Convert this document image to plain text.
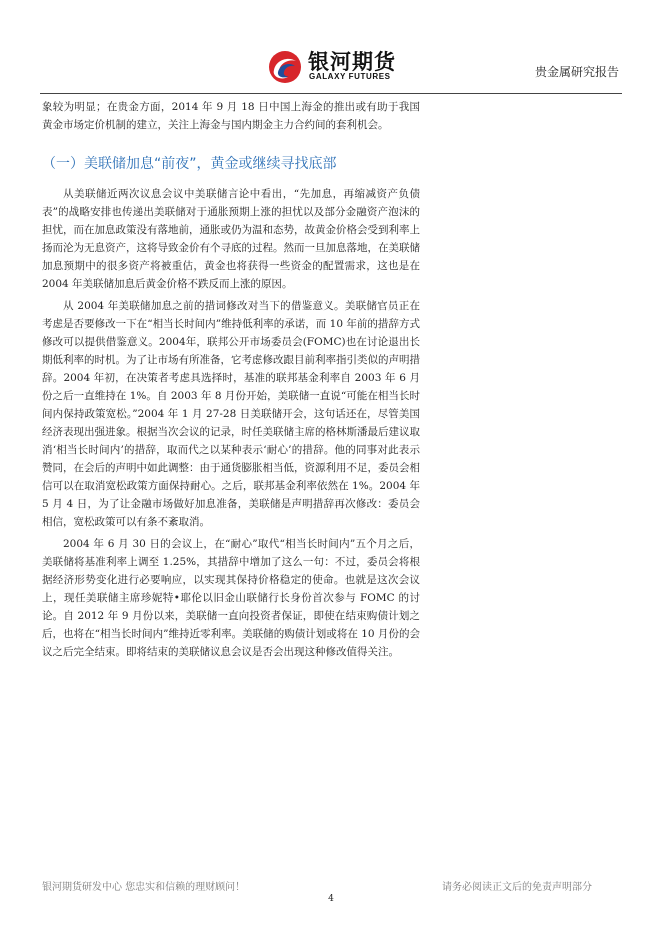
银河期货
GALAXY FUTURES	贵金属研究报告

象较为明显；在贵金方面，2014 年 9 月 18 日中国上海金的推出或有助于我国黄金市场定价机制的建立，关注上海金与国内期金主力合约间的套利机会。

（一）美联储加息“前夜”，黄金或继续寻找底部

从美联储近两次议息会议中美联储言论中看出，“先加息，再缩减资产负债表”的战略安排也传递出美联储对于通胀预期上涨的担忧以及部分金融资产泡沫的担忧，而在加息政策没有落地前，通胀或仍为温和态势，故黄金价格会受到利率上扬而沦为无息资产，这将导致金价有个寻底的过程。然而一旦加息落地，在美联储加息预期中的很多资产将被重估，黄金也将获得一些资金的配置需求，这也是在 2004 年美联储加息后黄金价格不跌反而上涨的原因。

从 2004 年美联储加息之前的措词修改对当下的借鉴意义。美联储官员正在考虑是否要修改一下在“相当长时间内”维持低利率的承诺，而 10 年前的措辞方式修改可以提供借鉴意义。2004年，联邦公开市场委员会(FOMC)也在讨论退出长期低利率的时机。为了让市场有所准备，它考虑修改跟目前利率指引类似的声明措辞。2004 年初，在决策者考虑具选择时，基准的联邦基金利率自 2003 年 6 月份之后一直维持在 1%。自 2003 年 8 月份开始，美联储一直说“可能在相当长时间内保持政策宽松。”2004 年 1 月 27-28 日美联储开会，这句话还在，尽管美国经济表现出强进象。根据当次会议的记录，时任美联储主席的格林斯潘最后建议取消‘相当长时间内’的措辞，取而代之以某种表示‘耐心’的措辞。他的同事对此表示赞同，在会后的声明中如此调整：由于通货膨胀相当低，资源利用不足，委员会相信可以在取消宽松政策方面保持耐心。之后，联邦基金利率依然在 1%。2004 年 5 月 4 日，为了让金融市场做好加息准备，美联储是声明措辞再次修改：委员会相信，宽松政策可以有条不紊取消。

2004 年 6 月 30 日的会议上，在“耐心”取代“相当长时间内”五个月之后，美联储将基准利率上调至 1.25%，其措辞中增加了这么一句：不过，委员会将根据经济形势变化进行必要响应，以实现其保持价格稳定的使命。也就是这次会议上，现任美联储主席珍妮特•耶伦以旧金山联储行长身份首次参与 FOMC 的讨论。自 2012 年 9 月份以来，美联储一直向投资者保证，即使在结束购债计划之后，也将在“相当长时间内”维持近零利率。美联储的购债计划或将在 10 月份的会议之后完全结束。即将结束的美联储议息会议是否会出现这种修改值得关注。

银河期货研发中心 您忠实和信赖的理财顾问！	请务必阅读正文后的免责声明部分
4
